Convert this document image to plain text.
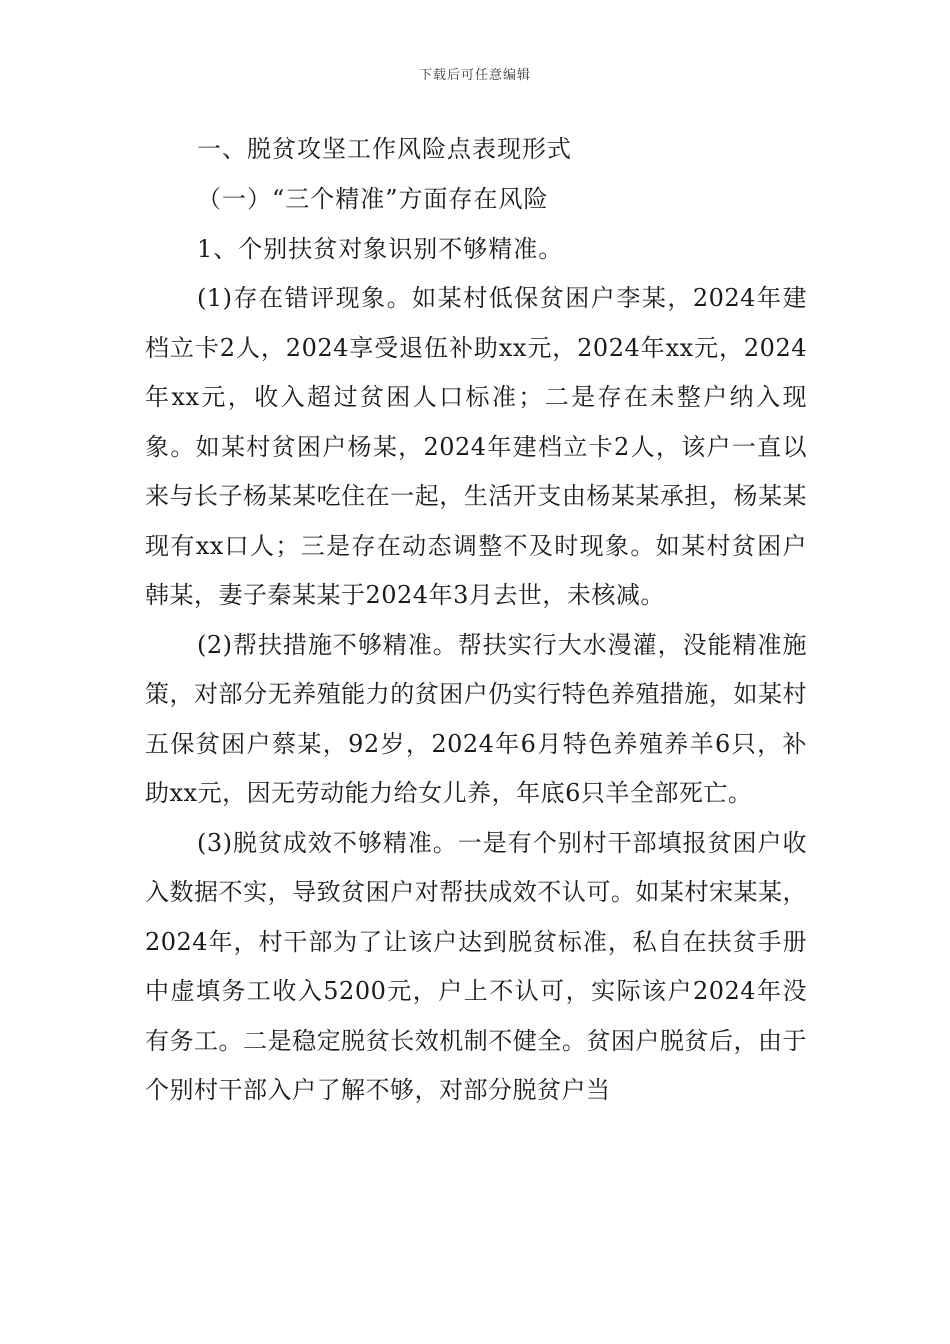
下载后可任意编辑

一、脱贫攻坚工作风险点表现形式

（一）“三个精准”方面存在风险

1、个别扶贫对象识别不够精准。

(1)存在错评现象。如某村低保贫困户李某，2024年建档立卡2人，2024享受退伍补助xx元，2024年xx元，2024年xx元，收入超过贫困人口标准；二是存在未整户纳入现象。如某村贫困户杨某，2024年建档立卡2人，该户一直以来与长子杨某某吃住在一起，生活开支由杨某某承担，杨某某现有xx口人；三是存在动态调整不及时现象。如某村贫困户韩某，妻子秦某某于2024年3月去世，未核减。

(2)帮扶措施不够精准。帮扶实行大水漫灌，没能精准施策，对部分无养殖能力的贫困户仍实行特色养殖措施，如某村五保贫困户蔡某，92岁，2024年6月特色养殖养羊6只，补助xx元，因无劳动能力给女儿养，年底6只羊全部死亡。

(3)脱贫成效不够精准。一是有个别村干部填报贫困户收入数据不实，导致贫困户对帮扶成效不认可。如某村宋某某，2024年，村干部为了让该户达到脱贫标准，私自在扶贫手册中虚填务工收入5200元，户上不认可，实际该户2024年没有务工。二是稳定脱贫长效机制不健全。贫困户脱贫后，由于个别村干部入户了解不够，对部分脱贫户当
